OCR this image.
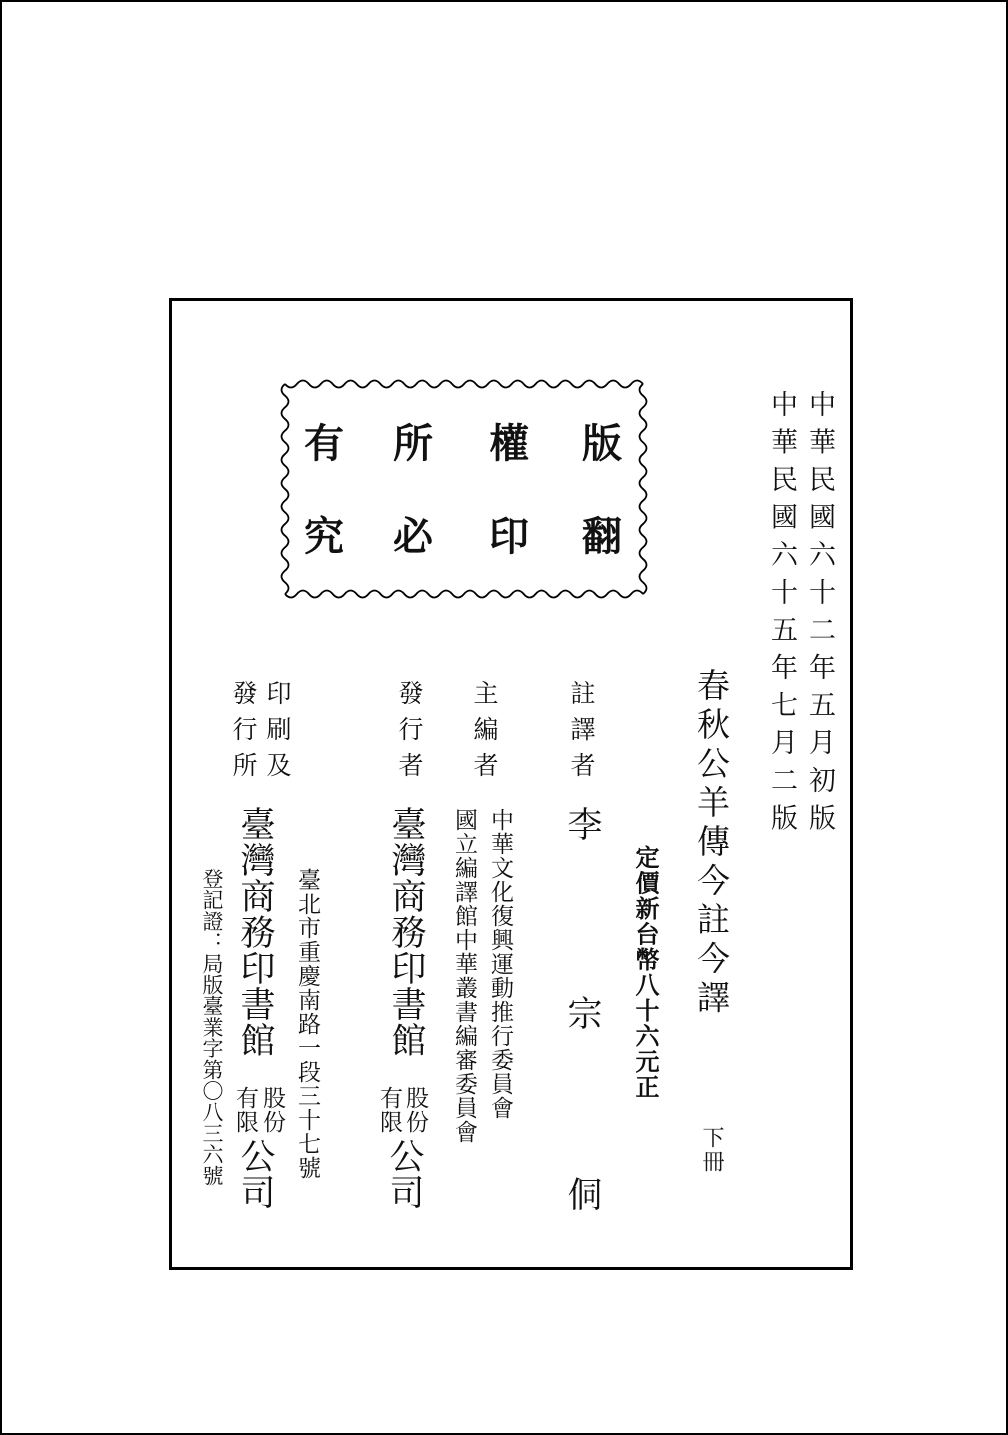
版
權
所
有
翻
印
必
究	中華民國六十二年五月初版

中華民國六十五年七月二版

春秋公羊傳今註今譯

下冊

定價新台幣八十六元正

註譯者

李
宗
侗

主編者

中華文化復興運動推行委員會

國立編譯館中華叢書編審委員會

發行者

臺灣商務印書館

股份
有限
公司

印刷及

發行所

臺北市重慶南路一段三十七號

臺灣商務印書館

股份
有限
公司

登記證：局版臺業字第〇八三六號
